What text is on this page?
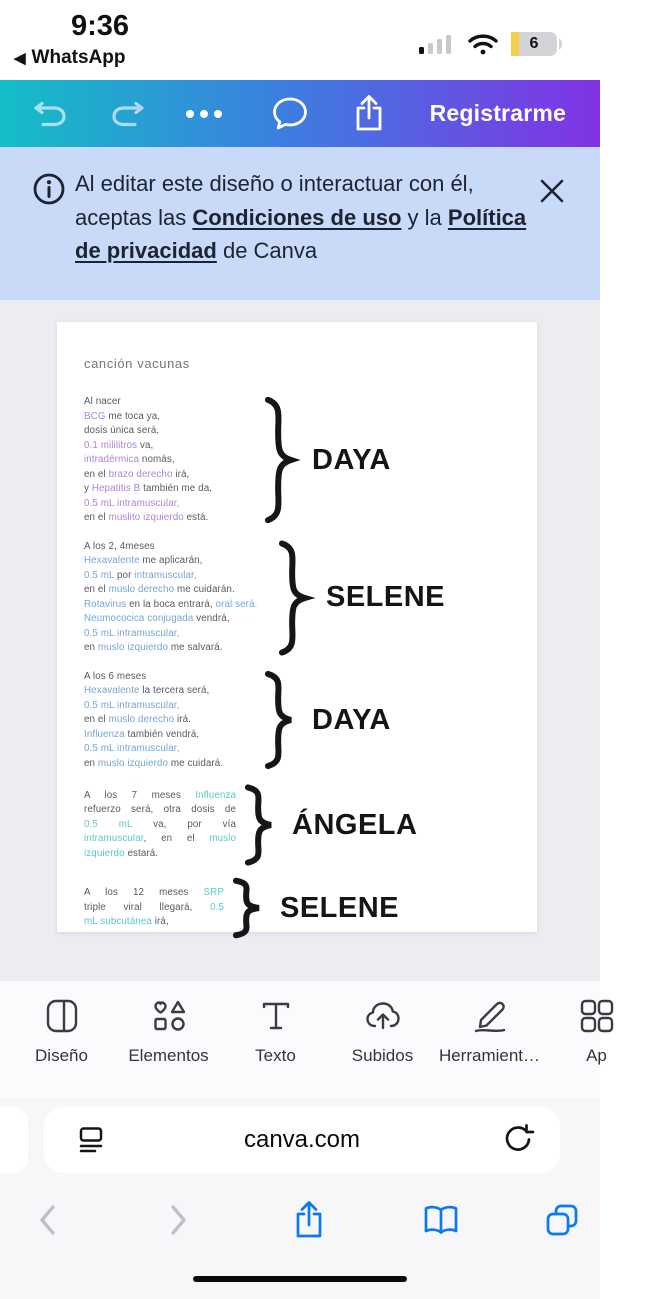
9:36
◀ WhatsApp
6
Registrarme
Al editar este diseño o interactuar con él, aceptas las Condiciones de uso y la Política de privacidad de Canva
canción vacunas
Al nacer
BCG me toca ya,
dosis única será,
0.1 mililitros va,
intradérmica nomás,
en el brazo derecho irá,
y Hepatitis B también me da,
0.5 mL intramuscular,
en el muslito izquierdo está.
DAYA
A los 2, 4meses
Hexavalente me aplicarán,
0.5 mL por intramuscular,
en el muslo derecho me cuidarán.
Rotavirus en la boca entrará, oral será.
Neumococica conjugada vendrá,
0.5 mL intramuscular,
en muslo izquierdo me salvará.
SELENE
A los 6 meses
Hexavalente la tercera será,
0.5 mL intramuscular,
en el muslo derecho irá.
Influenza también vendrá,
0.5 mL intramuscular,
en muslo izquierdo me cuidará.
DAYA
A los 7 meses Influenza
refuerzo será, otra dosis de
0.5 mL va, por vía
intramuscular, en el muslo
izquierdo estará.
ÁNGELA
A los 12 meses SRP
triple viral llegará, 0.5
mL subcutánea irá,	SELENE
Diseño Elementos	Texto	Subidos Herramient…	Ap
canva.com
